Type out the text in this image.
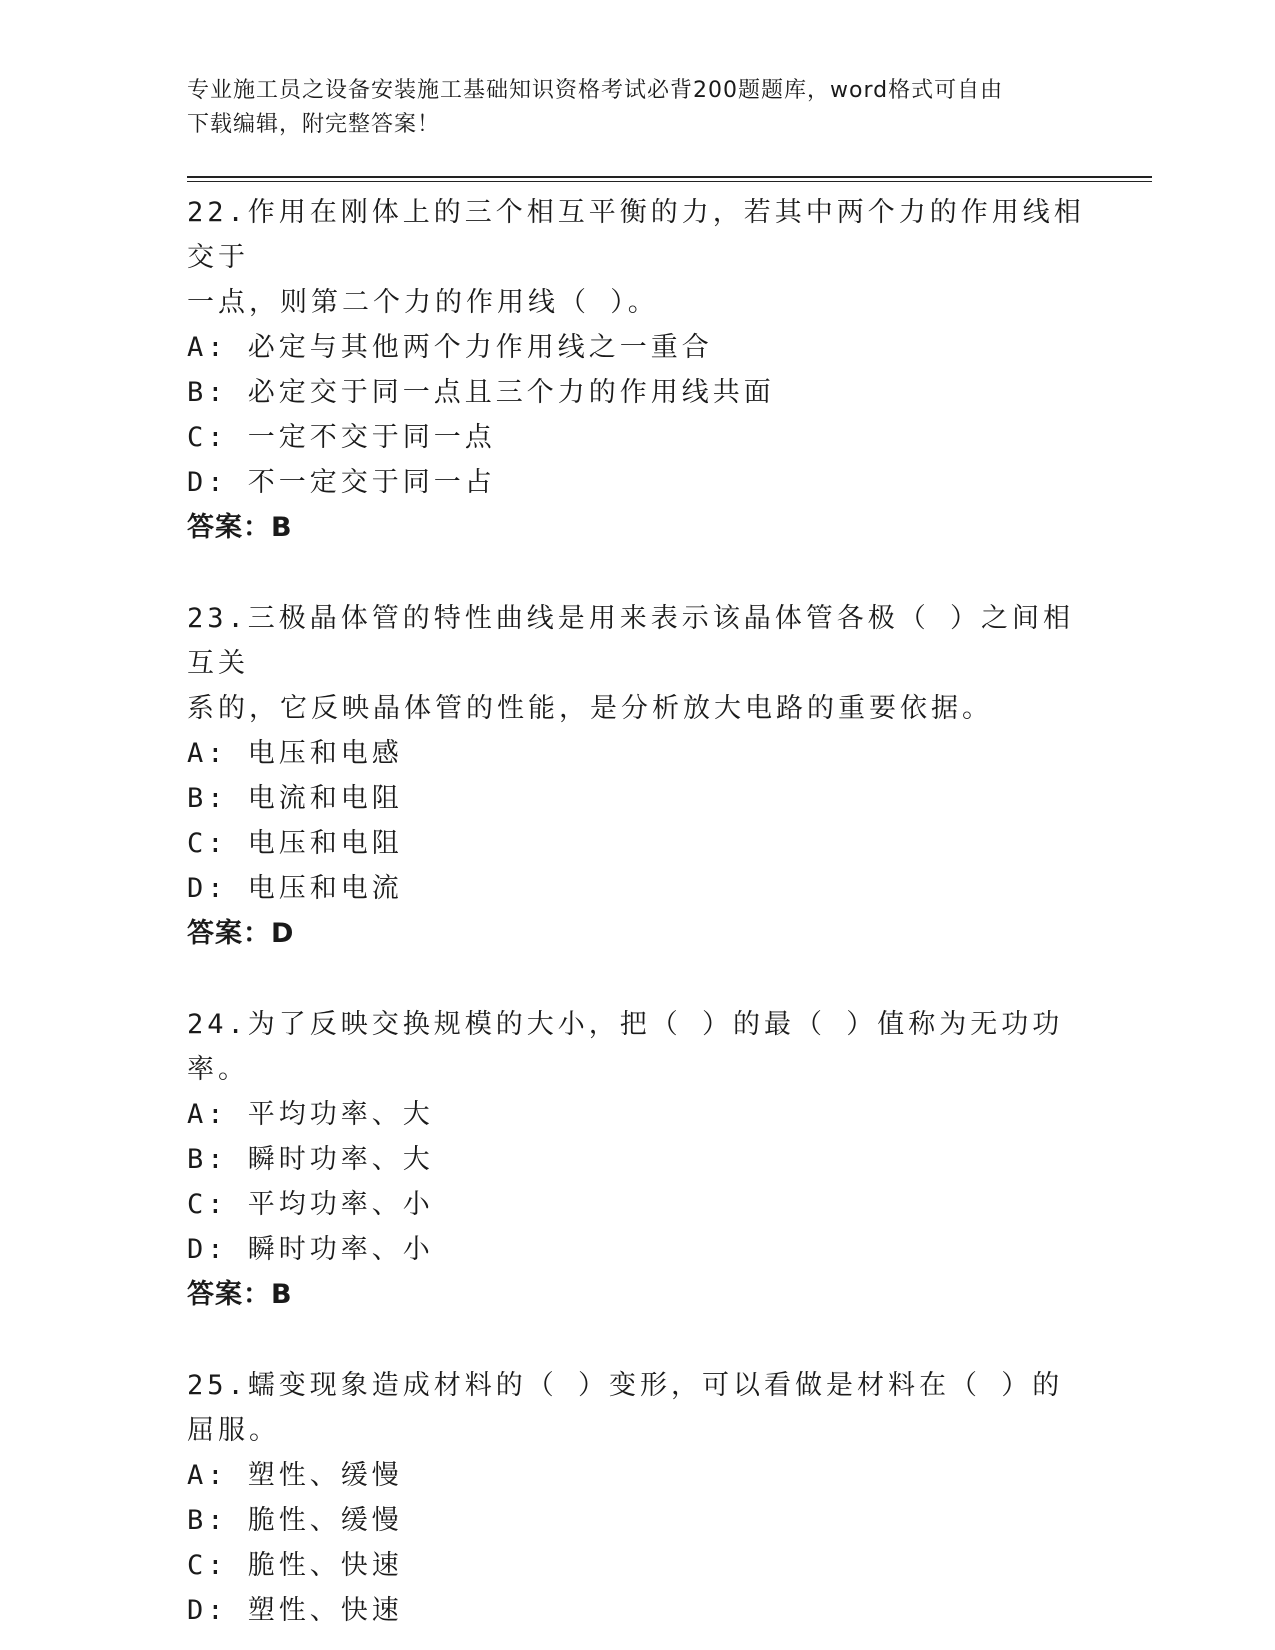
专业施工员之设备安装施工基础知识资格考试必背200题题库，word格式可自由
下载编辑，附完整答案！
22.作用在刚体上的三个相互平衡的力，若其中两个力的作用线相交于
一点，则第二个力的作用线（ ）。
A: 必定与其他两个力作用线之一重合
B: 必定交于同一点且三个力的作用线共面
C: 一定不交于同一点
D: 不一定交于同一占
答案：B
23.三极晶体管的特性曲线是用来表示该晶体管各极（ ）之间相互关
系的，它反映晶体管的性能，是分析放大电路的重要依据。
A: 电压和电感
B: 电流和电阻
C: 电压和电阻
D: 电压和电流
答案：D
24.为了反映交换规模的大小，把（ ）的最（ ）值称为无功功率。
A: 平均功率、大
B: 瞬时功率、大
C: 平均功率、小
D: 瞬时功率、小
答案：B
25.蠕变现象造成材料的（ ）变形，可以看做是材料在（ ）的屈服。
A: 塑性、缓慢
B: 脆性、缓慢
C: 脆性、快速
D: 塑性、快速
